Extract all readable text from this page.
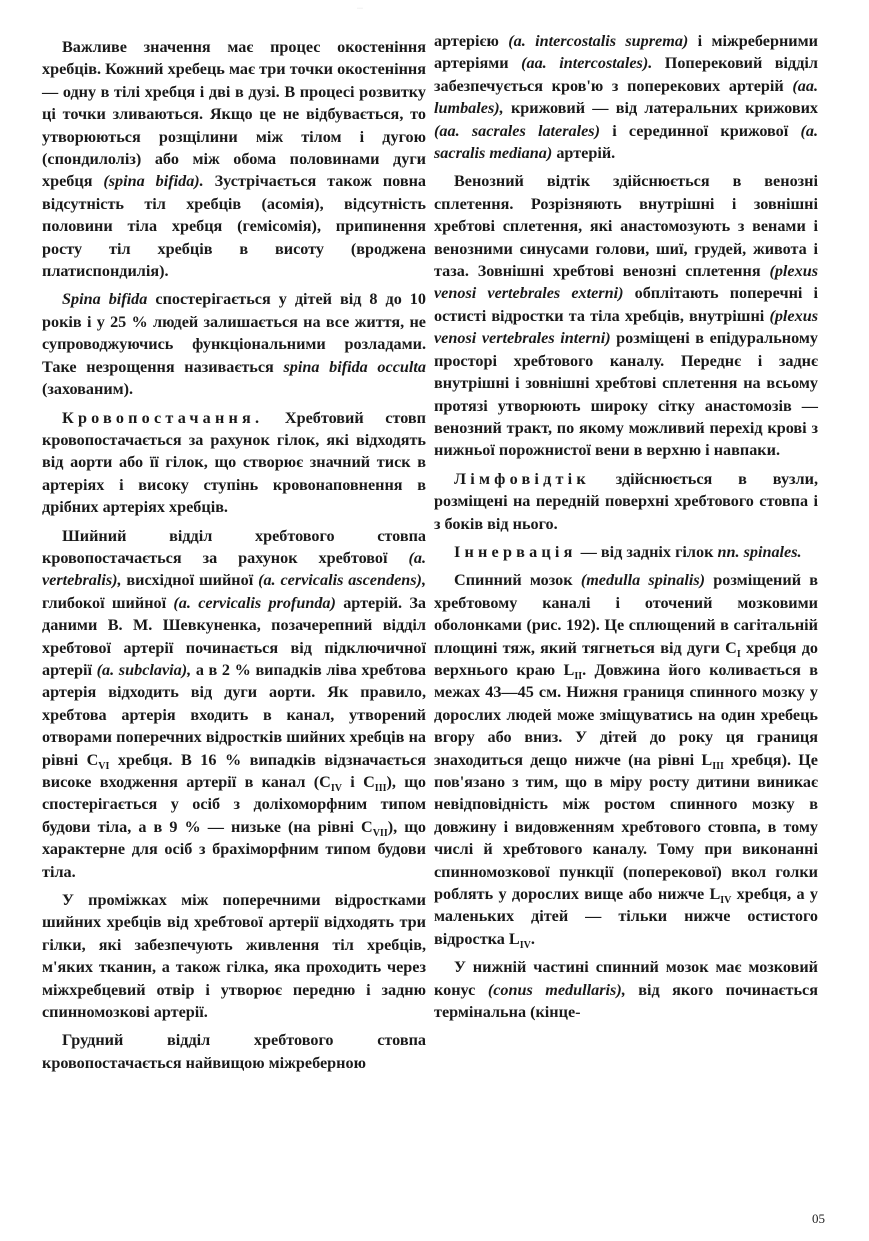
···

Важливе значення має процес окостеніння хребців. Кожний хребець має три точки окостеніння — одну в тілі хребця і дві в дузі. В процесі розвитку ці точки зливаються. Якщо це не відбувається, то утворюються розщілини між тілом і дугою (спондилоліз) або між обома половинами дуги хребця (spina bifida). Зустрічається також повна відсутність тіл хребців (асомія), відсутність половини тіла хребця (гемісомія), припинення росту тіл хребців в висоту (вроджена платиспондилія).

Spina bifida спостерігається у дітей від 8 до 10 років і у 25 % людей залишається на все життя, не супроводжуючись функціональними розладами. Таке незрощення називається spina bifida occulta (захованим).

Кровопостачання. Хребтовий стовп кровопостачається за рахунок гілок, які відходять від аорти або її гілок, що створює значний тиск в артеріях і високу ступінь кровонаповнення в дрібних артеріях хребців.

Шийний відділ хребтового стовпа кровопостачається за рахунок хребтової (a. vertebralis), висхідної шийної (a. cervicalis ascendens), глибокої шийної (a. cervicalis profunda) артерій. За даними В. М. Шевкуненка, позачерепний відділ хребтової артерії починається від підключичної артерії (a. subclavia), а в 2 % випадків ліва хребтова артерія відходить від дуги аорти. Як правило, хребтова артерія входить в канал, утворений отворами поперечних відростків шийних хребців на рівні $C_{VI}$ хребця. В 16 % випадків відзначається високе входження артерії в канал ($C_{IV}$ і $C_{III}$), що спостерігається у осіб з доліхоморфним типом будови тіла, а в 9 % — низьке (на рівні $C_{VII}$), що характерне для осіб з брахіморфним типом будови тіла.

У проміжках між поперечними відростками шийних хребців від хребтової артерії відходять три гілки, які забезпечують живлення тіл хребців, м'яких тканин, а також гілка, яка проходить через міжхребцевий отвір і утворює передню і задню спинномозкові артерії.

Грудний відділ хребтового стовпа кровопостачається найвищою міжреберною

артерією (a. intercostalis suprema) і міжреберними артеріями (aa. intercostales). Поперековий відділ забезпечується кров'ю з поперекових артерій (aa. lumbales), крижовий — від латеральних крижових (aa. sacrales laterales) і серединної крижової (a. sacralis mediana) артерій.

Венозний відтік здійснюється в венозні сплетення. Розрізняють внутрішні і зовнішні хребтові сплетення, які анастомозують з венами і венозними синусами голови, шиї, грудей, живота і таза. Зовнішні хребтові венозні сплетення (plexus venosi vertebrales externi) обплітають поперечні і остисті відростки та тіла хребців, внутрішні (plexus venosi vertebrales interni) розміщені в епідуральному просторі хребтового каналу. Переднє і заднє внутрішні і зовнішні хребтові сплетення на всьому протязі утворюють широку сітку анастомозів — венозний тракт, по якому можливий перехід крові з нижньої порожнистої вени в верхню і навпаки.

Лімфовідтік здійснюється в вузли, розміщені на передній поверхні хребтового стовпа і з боків від нього.

Іннервація — від задніх гілок nn. spinales.

Спинний мозок (medulla spinalis) розміщений в хребтовому каналі і оточений мозковими оболонками (рис. 192). Це сплющений в сагітальній площині тяж, який тягнеться від дуги $C_I$ хребця до верхнього краю $L_{II}$. Довжина його коливається в межах 43—45 см. Нижня границя спинного мозку у дорослих людей може зміщуватись на один хребець вгору або вниз. У дітей до року ця границя знаходиться дещо нижче (на рівні $L_{III}$ хребця). Це пов'язано з тим, що в міру росту дитини виникає невідповідність між ростом спинного мозку в довжину і видовженням хребтового стовпа, в тому числі й хребтового каналу. Тому при виконанні спинномозкової пункції (поперекової) вкол голки роблять у дорослих вище або нижче $L_{IV}$ хребця, а у маленьких дітей — тільки нижче остистого відростка $L_{IV}$.

У нижній частині спинний мозок має мозковий конус (conus medullaris), від якого починається термінальна (кінце-

05
